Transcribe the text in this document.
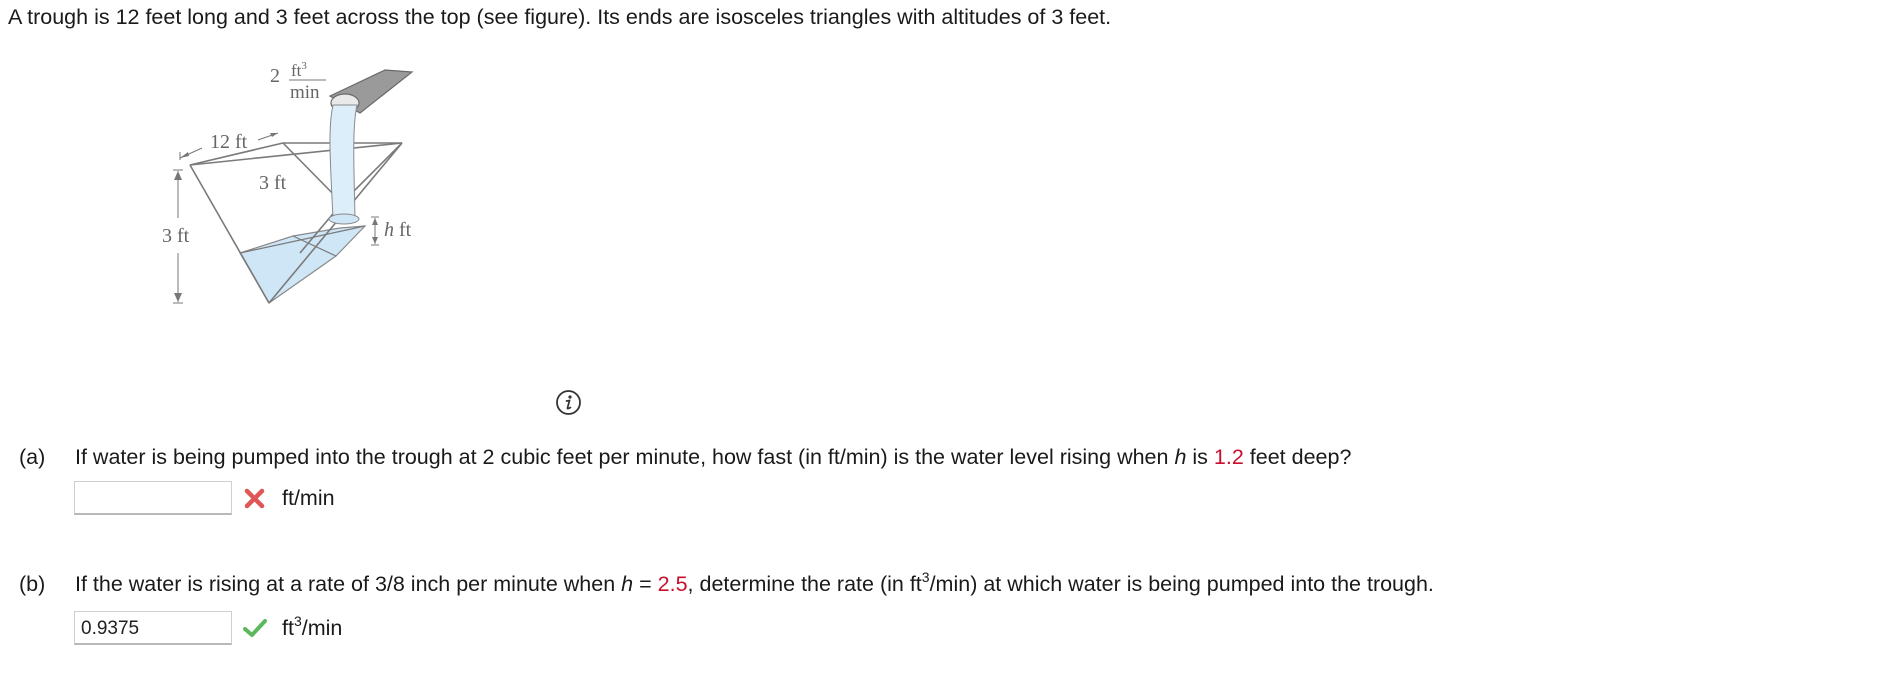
A trough is 12 feet long and 3 feet across the top (see figure). Its ends are isosceles triangles with altitudes of 3 feet.
2 $ft^3$
min
12 ft
3 ft
3 ft	h ft
(a) If water is being pumped into the trough at 2 cubic feet per minute, how fast (in ft/min) is the water level rising when h is 1.2 feet deep?
ft/min
(b) If the water is rising at a rate of 3/8 inch per minute when h = 2.5, determine the rate (in $ft^3/\min$) at which water is being pumped into the trough.
0.9375
$ft^3/\min$
